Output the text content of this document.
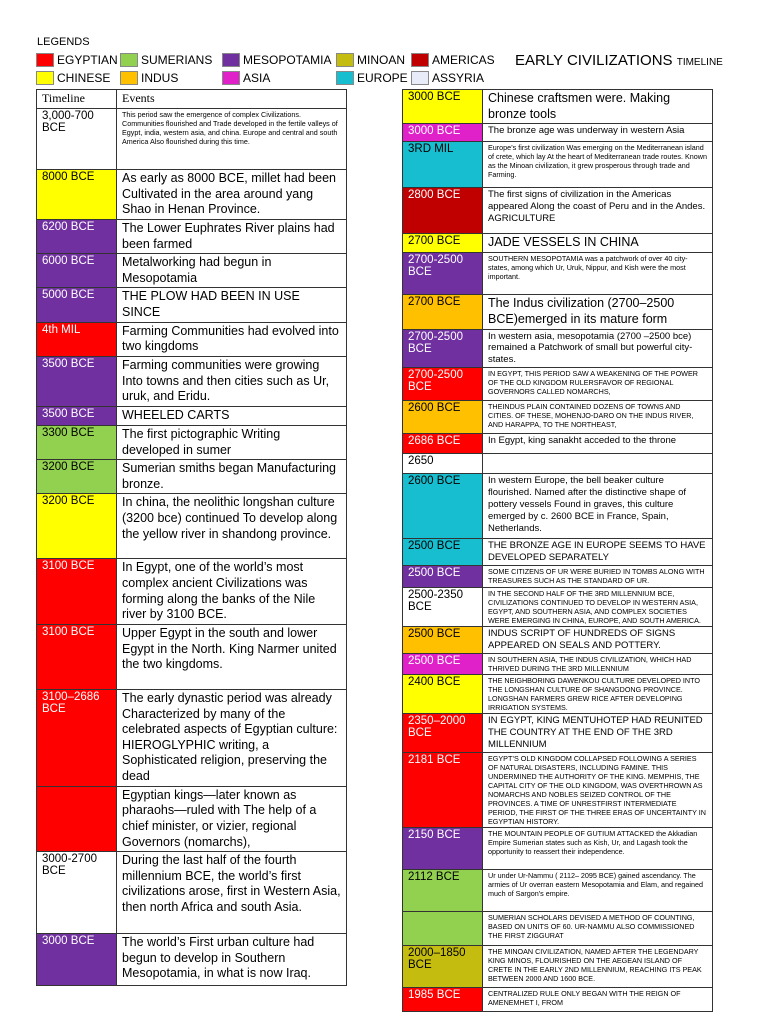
LEGENDS
EGYPTIAN SUMERIANS	MESOPOTAMIA MINOAN AMERICAS
CHINESE	INDUS	ASIA	EUROPE ASSYRIA
EARLY CIVILIZATIONS TIMELINE
Timeline	Events
3,000-700 BCE	This period saw the emergence of complex Civilizations. Communities flourished and Trade developed in the fertile valleys of Egypt, india, western asia, and china. Europe and central and south America Also flourished during this time.
8000 BCE	As early as 8000 BCE, millet had been Cultivated in the area around yang Shao in Henan Province.
6200 BCE	The Lower Euphrates River plains had been farmed
6000 BCE	Metalworking had begun in Mesopotamia
5000 BCE	THE PLOW HAD BEEN IN USE SINCE
4th MIL	Farming Communities had evolved into two kingdoms
3500 BCE	Farming communities were growing Into towns and then cities such as Ur, uruk, and Eridu.
3500 BCE	WHEELED CARTS
3300 BCE	The first pictographic Writing developed in sumer
3200 BCE	Sumerian smiths began Manufacturing bronze.
3200 BCE	In china, the neolithic longshan culture (3200 bce) continued To develop along the yellow river in shandong province.
3100 BCE	In Egypt, one of the world’s most complex ancient Civilizations was forming along the banks of the Nile river by 3100 BCE.
3100 BCE	Upper Egypt in the south and lower Egypt in the North. King Narmer united the two kingdoms.
3100–2686 BCE	The early dynastic period was already Characterized by many of the celebrated aspects of Egyptian culture: HIEROGLYPHIC writing, a Sophisticated religion, preserving the dead
	Egyptian kings—later known as pharaohs—ruled with The help of a chief minister, or vizier, regional Governors (nomarchs),
3000-2700 BCE	During the last half of the fourth millennium BCE, the world’s first civilizations arose, first in Western Asia, then north Africa and south Asia.
3000 BCE	The world’s First urban culture had begun to develop in Southern Mesopotamia, in what is now Iraq.
3000 BCE	Chinese craftsmen were. Making bronze tools
3000 BCE	The bronze age was underway in western Asia
3RD MIL	Europe’s first civilization Was emerging on the Mediterranean island of crete, which lay At the heart of Mediterranean trade routes. Known as the Minoan civilization, it grew prosperous through trade and Farming.
2800 BCE	The first signs of civilization in the Americas appeared Along the coast of Peru and in the Andes. AGRICULTURE
2700 BCE	JADE VESSELS IN CHINA
2700-2500 BCE	SOUTHERN MESOPOTAMIA was a patchwork of over 40 city-states, among which Ur, Uruk, Nippur, and Kish were the most important.
2700 BCE	The Indus civilization (2700–2500 BCE)emerged in its mature form
2700-2500 BCE	In western asia, mesopotamia (2700 –2500 bce) remained a Patchwork of small but powerful city-states.
2700-2500 BCE	IN EGYPT, THIS PERIOD SAW A WEAKENING OF THE POWER OF THE OLD KINGDOM RULERSFAVOR OF REGIONAL GOVERNORS CALLED NOMARCHS,
2600 BCE	THEINDUS PLAIN CONTAINED DOZENS OF TOWNS AND CITIES. OF THESE, MOHENJO-DARO ON THE INDUS RIVER, AND HARAPPA, TO THE NORTHEAST,
2686 BCE	In Egypt, king sanakht acceded to the throne
2650	
2600 BCE	In western Europe, the bell beaker culture flourished. Named after the distinctive shape of pottery vessels Found in graves, this culture emerged by c. 2600 BCE in France, Spain, Netherlands.
2500 BCE	THE BRONZE AGE IN EUROPE SEEMS TO HAVE DEVELOPED SEPARATELY
2500 BCE	SOME CITIZENS OF UR WERE BURIED IN TOMBS ALONG WITH TREASURES SUCH AS THE STANDARD OF UR.
2500-2350 BCE	IN THE SECOND HALF OF THE 3RD MILLENNIUM BCE, CIVILIZATIONS CONTINUED TO DEVELOP IN WESTERN ASIA, EGYPT, AND SOUTHERN ASIA, AND COMPLEX SOCIETIES WERE EMERGING IN CHINA, EUROPE, AND SOUTH AMERICA.
2500 BCE	INDUS SCRIPT OF HUNDREDS OF SIGNS APPEARED ON SEALS AND POTTERY.
2500 BCE	IN SOUTHERN ASIA, THE INDUS CIVILIZATION, WHICH HAD THRIVED DURING THE 3RD MILLENNIUM
2400 BCE	THE NEIGHBORING DAWENKOU CULTURE DEVELOPED INTO THE LONGSHAN CULTURE OF SHANGDONG PROVINCE. LONGSHAN FARMERS GREW RICE AFTER DEVELOPING IRRIGATION SYSTEMS.
2350–2000 BCE	IN EGYPT, KING MENTUHOTEP HAD REUNITED THE COUNTRY AT THE END OF THE 3RD MILLENNIUM
2181 BCE	EGYPT’S OLD KINGDOM COLLAPSED FOLLOWING A SERIES OF NATURAL DISASTERS, INCLUDING FAMINE. THIS UNDERMINED THE AUTHORITY OF THE KING. MEMPHIS, THE CAPITAL CITY OF THE OLD KINGDOM, WAS OVERTHROWN AS NOMARCHS AND NOBLES SEIZED CONTROL OF THE PROVINCES. A TIME OF UNRESTFIRST INTERMEDIATE PERIOD, THE FIRST OF THE THREE ERAS OF UNCERTAINTY IN EGYPTIAN HISTORY.
2150 BCE	THE MOUNTAIN PEOPLE OF GUTIUM ATTACKED the Akkadian Empire Sumerian states such as Kish, Ur, and Lagash took the opportunity to reassert their independence.
2112 BCE	Ur under Ur-Nammu ( 2112– 2095 BCE) gained ascendancy. The armies of Ur overran eastern Mesopotamia and Elam, and regained much of Sargon's empire.
	SUMERIAN SCHOLARS DEVISED A METHOD OF COUNTING, BASED ON UNITS OF 60. UR-NAMMU ALSO COMMISSIONED THE FIRST ZIGGURAT
2000–1850 BCE	THE MINOAN CIVILIZATION, NAMED AFTER THE LEGENDARY KING MINOS, FLOURISHED ON THE AEGEAN ISLAND OF CRETE IN THE EARLY 2ND MILLENNIUM, REACHING ITS PEAK BETWEEN 2000 AND 1600 BCE.
1985 BCE	CENTRALIZED RULE ONLY BEGAN WITH THE REIGN OF AMENEMHET I, FROM
